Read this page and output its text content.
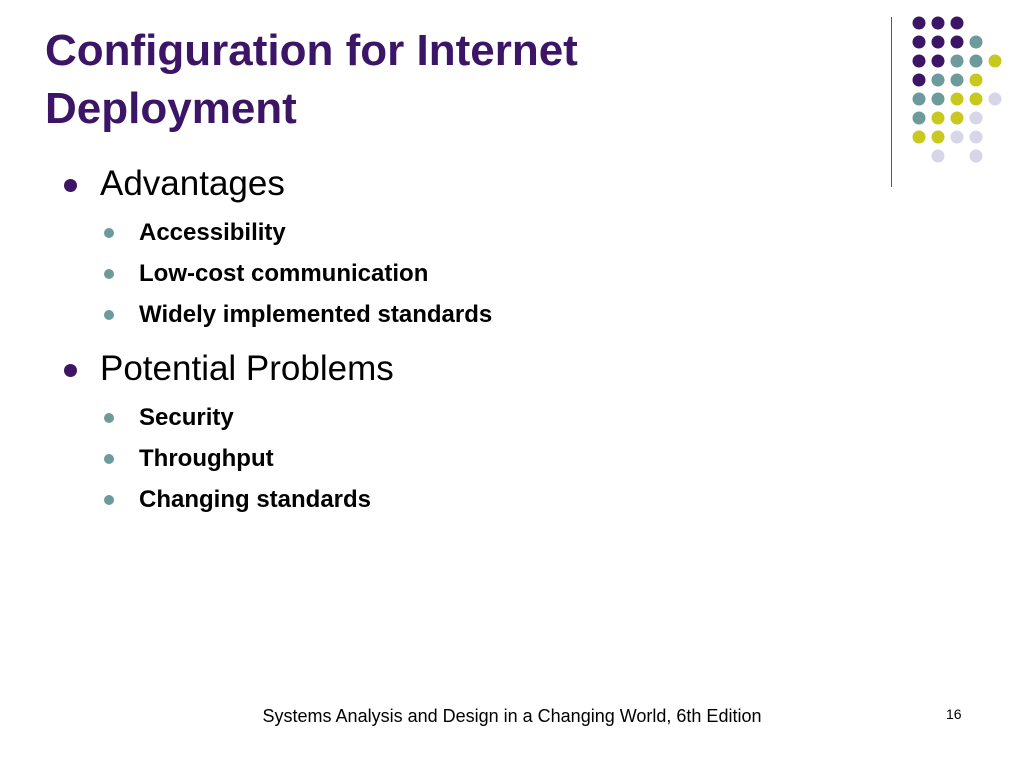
Configuration for Internet
Deployment

Advantages

Accessibility
Low-cost communication
Widely implemented standards

Potential Problems

Security
Throughput
Changing standards
Systems Analysis and Design in a Changing World, 6th Edition	16
